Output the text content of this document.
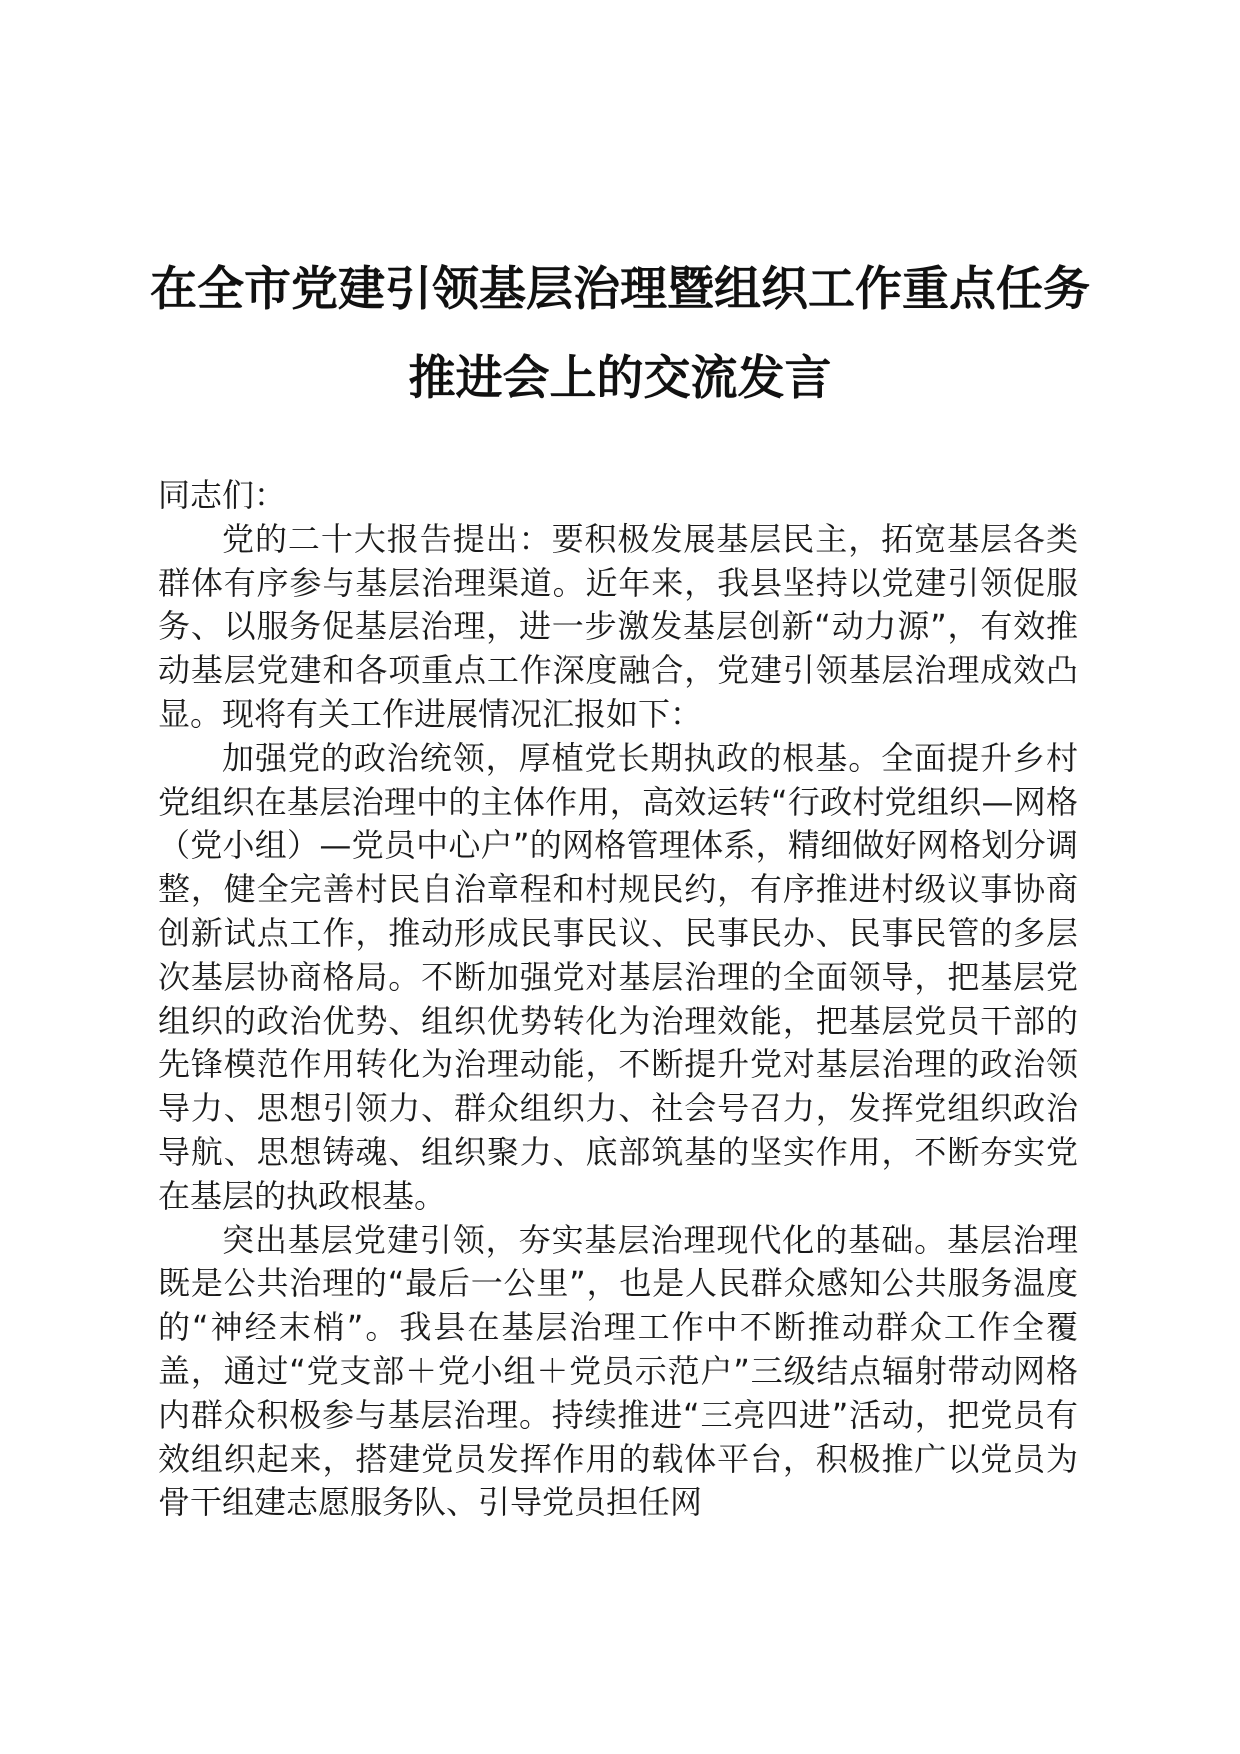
在全市党建引领基层治理暨组织工作重点任务
推进会上的交流发言

同志们：

党的二十大报告提出：要积极发展基层民主，拓宽基层各类群体有序参与基层治理渠道。近年来，我县坚持以党建引领促服务、以服务促基层治理，进一步激发基层创新“动力源”，有效推动基层党建和各项重点工作深度融合，党建引领基层治理成效凸显。现将有关工作进展情况汇报如下：

加强党的政治统领，厚植党长期执政的根基。全面提升乡村党组织在基层治理中的主体作用，高效运转“行政村党组织—网格（党小组）—党员中心户”的网格管理体系，精细做好网格划分调整，健全完善村民自治章程和村规民约，有序推进村级议事协商创新试点工作，推动形成民事民议、民事民办、民事民管的多层次基层协商格局。不断加强党对基层治理的全面领导，把基层党组织的政治优势、组织优势转化为治理效能，把基层党员干部的先锋模范作用转化为治理动能，不断提升党对基层治理的政治领导力、思想引领力、群众组织力、社会号召力，发挥党组织政治导航、思想铸魂、组织聚力、底部筑基的坚实作用，不断夯实党在基层的执政根基。

突出基层党建引领，夯实基层治理现代化的基础。基层治理既是公共治理的“最后一公里”，也是人民群众感知公共服务温度的“神经末梢”。我县在基层治理工作中不断推动群众工作全覆盖，通过“党支部＋党小组＋党员示范户”三级结点辐射带动网格内群众积极参与基层治理。持续推进“三亮四进”活动，把党员有效组织起来，搭建党员发挥作用的载体平台，积极推广以党员为骨干组建志愿服务队、引导党员担任网
